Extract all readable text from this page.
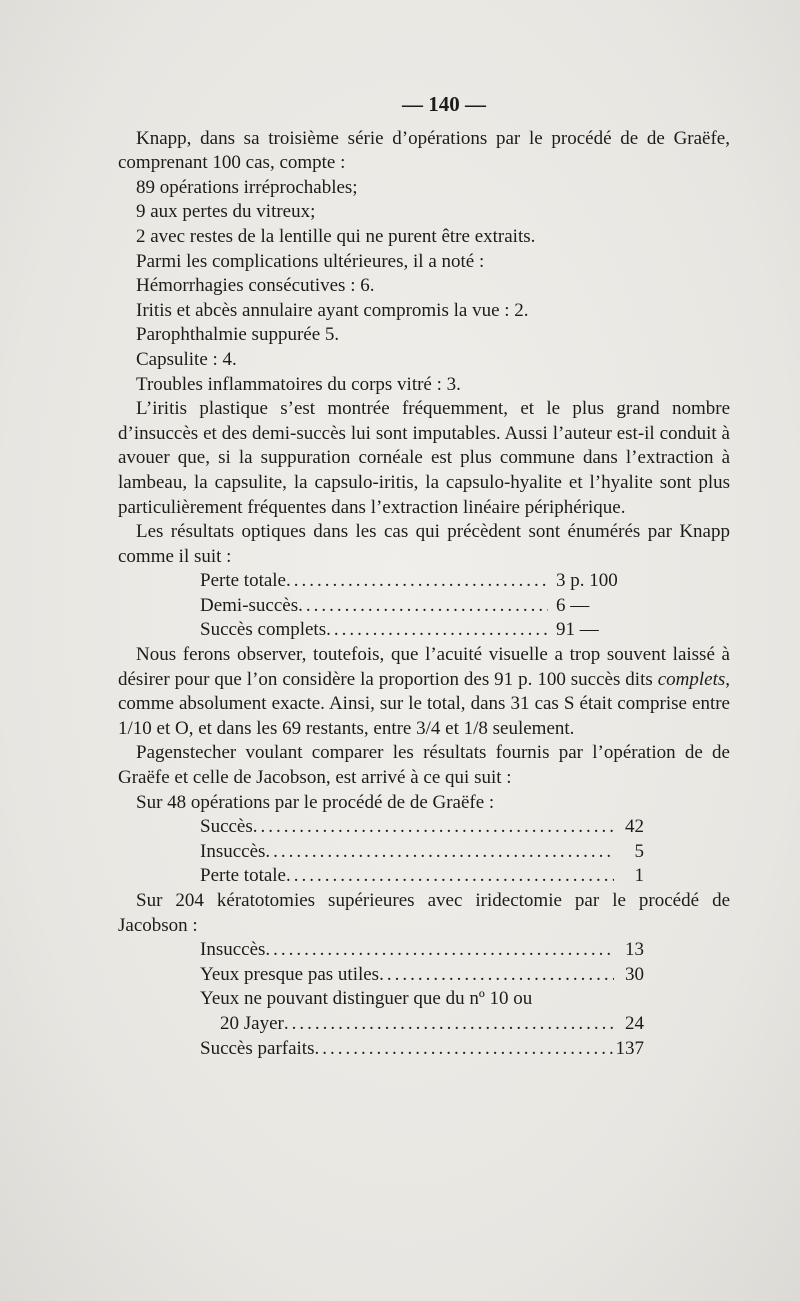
— 140 —
Knapp, dans sa troisième série d’opérations par le procédé de de Graëfe, comprenant 100 cas, compte :
89 opérations irréprochables;
9 aux pertes du vitreux;
2 avec restes de la lentille qui ne purent être extraits.
Parmi les complications ultérieures, il a noté :
Hémorrhagies consécutives : 6.
Iritis et abcès annulaire ayant compromis la vue : 2.
Parophthalmie suppurée 5.
Capsulite : 4.
Troubles inflammatoires du corps vitré : 3.
L’iritis plastique s’est montrée fréquemment, et le plus grand nombre d’insuccès et des demi-succès lui sont imputables. Aussi l’auteur est-il conduit à avouer que, si la suppuration cornéale est plus commune dans l’extraction à lambeau, la capsulite, la capsulo-iritis, la capsulo-hyalite et l’hyalite sont plus particulièrement fréquentes dans l’extraction linéaire périphérique.
Les résultats optiques dans les cas qui précèdent sont énumérés par Knapp comme il suit :
Perte totale .....	3 p. 100
Demi-succès .....	6 —
Succès complets .....	91 —
Nous ferons observer, toutefois, que l’acuité visuelle a trop souvent laissé à désirer pour que l’on considère la proportion des 91 p. 100 succès dits complets, comme absolument exacte. Ainsi, sur le total, dans 31 cas S était comprise entre 1/10 et O, et dans les 69 restants, entre 3/4 et 1/8 seulement.
Pagenstecher voulant comparer les résultats fournis par l’opération de de Graëfe et celle de Jacobson, est arrivé à ce qui suit :
Sur 48 opérations par le procédé de de Graëfe :
Succès .....	42
Insuccès .....	5
Perte totale .....	1
Sur 204 kératotomies supérieures avec iridectomie par le procédé de Jacobson :
Insuccès .....	13
Yeux presque pas utiles .....	30
Yeux ne pouvant distinguer que du nº 10 ou
20 Jayer .....	24
Succès parfaits .....	137
